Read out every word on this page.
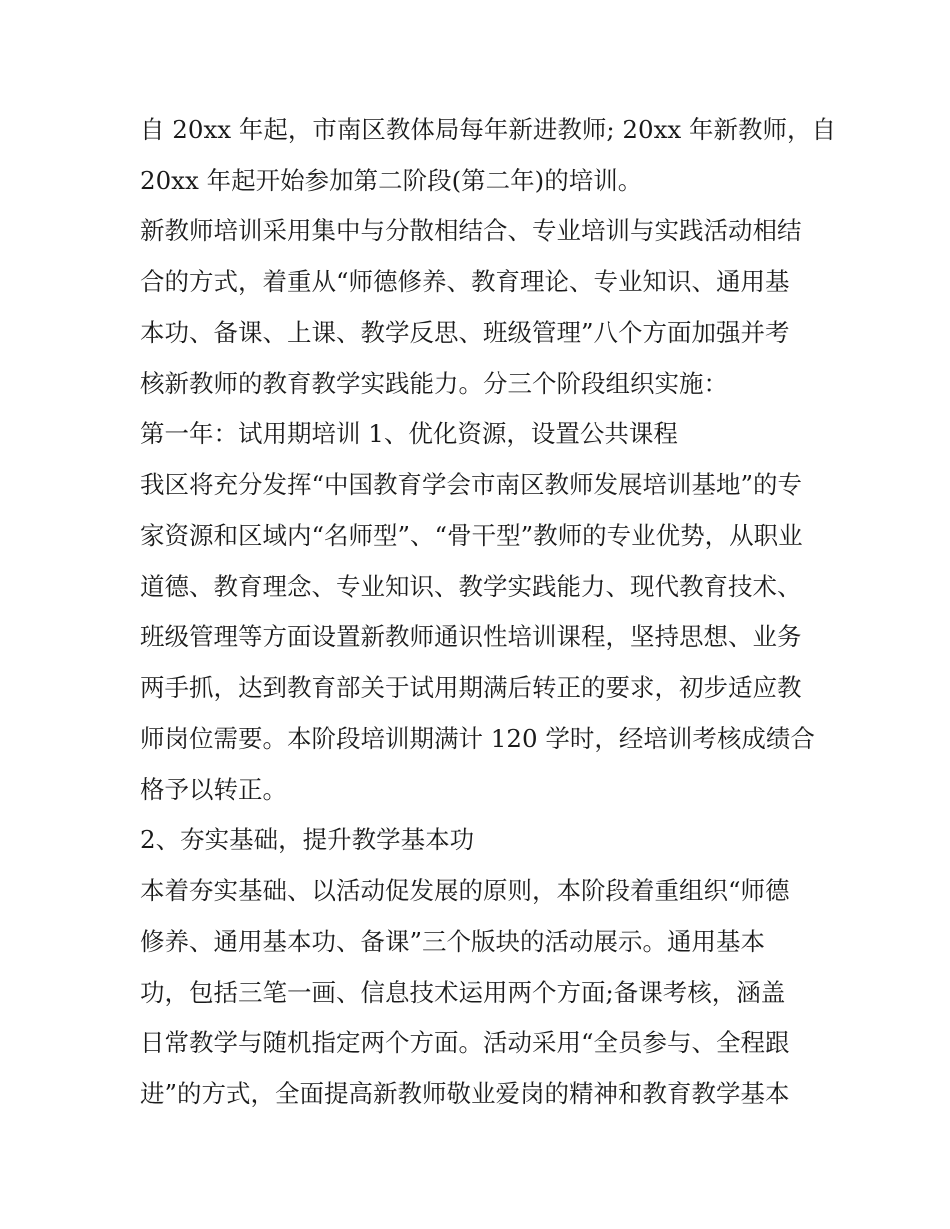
自 20xx 年起，市南区教体局每年新进教师; 20xx 年新教师，自
20xx 年起开始参加第二阶段(第二年)的培训。
新教师培训采用集中与分散相结合、专业培训与实践活动相结
合的方式，着重从“师德修养、教育理论、专业知识、通用基
本功、备课、上课、教学反思、班级管理”八个方面加强并考
核新教师的教育教学实践能力。分三个阶段组织实施：
第一年：试用期培训 1、优化资源，设置公共课程
我区将充分发挥“中国教育学会市南区教师发展培训基地”的专
家资源和区域内“名师型”、“骨干型”教师的专业优势，从职业
道德、教育理念、专业知识、教学实践能力、现代教育技术、
班级管理等方面设置新教师通识性培训课程，坚持思想、业务
两手抓，达到教育部关于试用期满后转正的要求，初步适应教
师岗位需要。本阶段培训期满计 120 学时，经培训考核成绩合
格予以转正。
2、夯实基础，提升教学基本功
本着夯实基础、以活动促发展的原则，本阶段着重组织“师德
修养、通用基本功、备课”三个版块的活动展示。通用基本
功，包括三笔一画、信息技术运用两个方面;备课考核，涵盖
日常教学与随机指定两个方面。活动采用“全员参与、全程跟
进”的方式，全面提高新教师敬业爱岗的精神和教育教学基本
